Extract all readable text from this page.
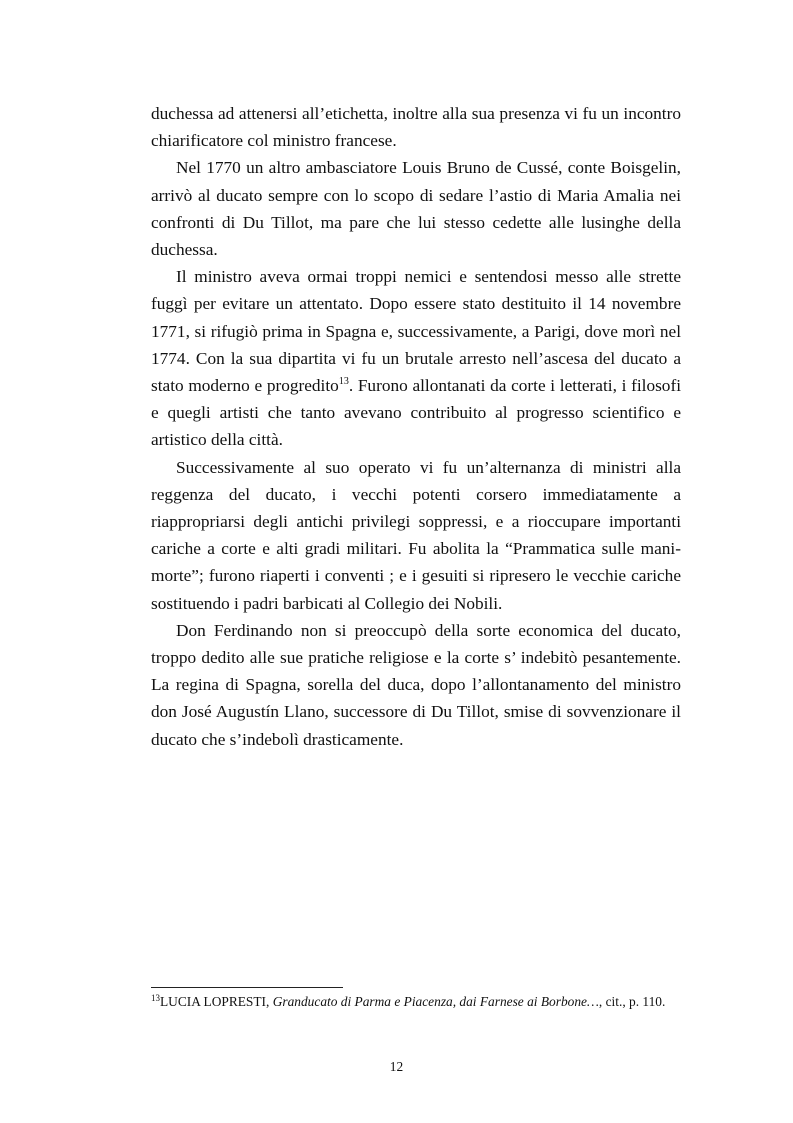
duchessa ad attenersi all’etichetta, inoltre alla sua presenza vi fu un incontro chiarificatore col ministro francese.

Nel 1770 un altro ambasciatore Louis Bruno de Cussé, conte Boisgelin, arrivò al ducato sempre con lo scopo di sedare l’astio di Maria Amalia nei confronti di Du Tillot, ma pare che lui stesso cedette alle lusinghe della duchessa.

Il ministro aveva ormai troppi nemici e sentendosi messo alle strette fuggì per evitare un attentato. Dopo essere stato destituito il 14 novembre 1771, si rifugiò prima in Spagna e, successivamente, a Parigi, dove morì nel 1774. Con la sua dipartita vi fu un brutale arresto nell’ascesa del ducato a stato moderno e progredito$^{13}$. Furono allontanati da corte i letterati, i filosofi e quegli artisti che tanto avevano contribuito al progresso scientifico e artistico della città.

Successivamente al suo operato vi fu un’alternanza di ministri alla reggenza del ducato, i vecchi potenti corsero immediatamente a riappropriarsi degli antichi privilegi soppressi, e a rioccupare importanti cariche a corte e alti gradi militari. Fu abolita la “Prammatica sulle mani-morte”; furono riaperti i conventi ; e i gesuiti si ripresero le vecchie cariche sostituendo i padri barbicati al Collegio dei Nobili.

Don Ferdinando non si preoccupò della sorte economica del ducato, troppo dedito alle sue pratiche religiose e la corte s’ indebitò pesantemente. La regina di Spagna, sorella del duca, dopo l’allontanamento del ministro don José Augustín Llano, successore di Du Tillot, smise di sovvenzionare il ducato che s’indebolì drasticamente.

$^{13}$LUCIA LOPRESTI, Granducato di Parma e Piacenza, dai Farnese ai Borbone…, cit., p. 110.
12
